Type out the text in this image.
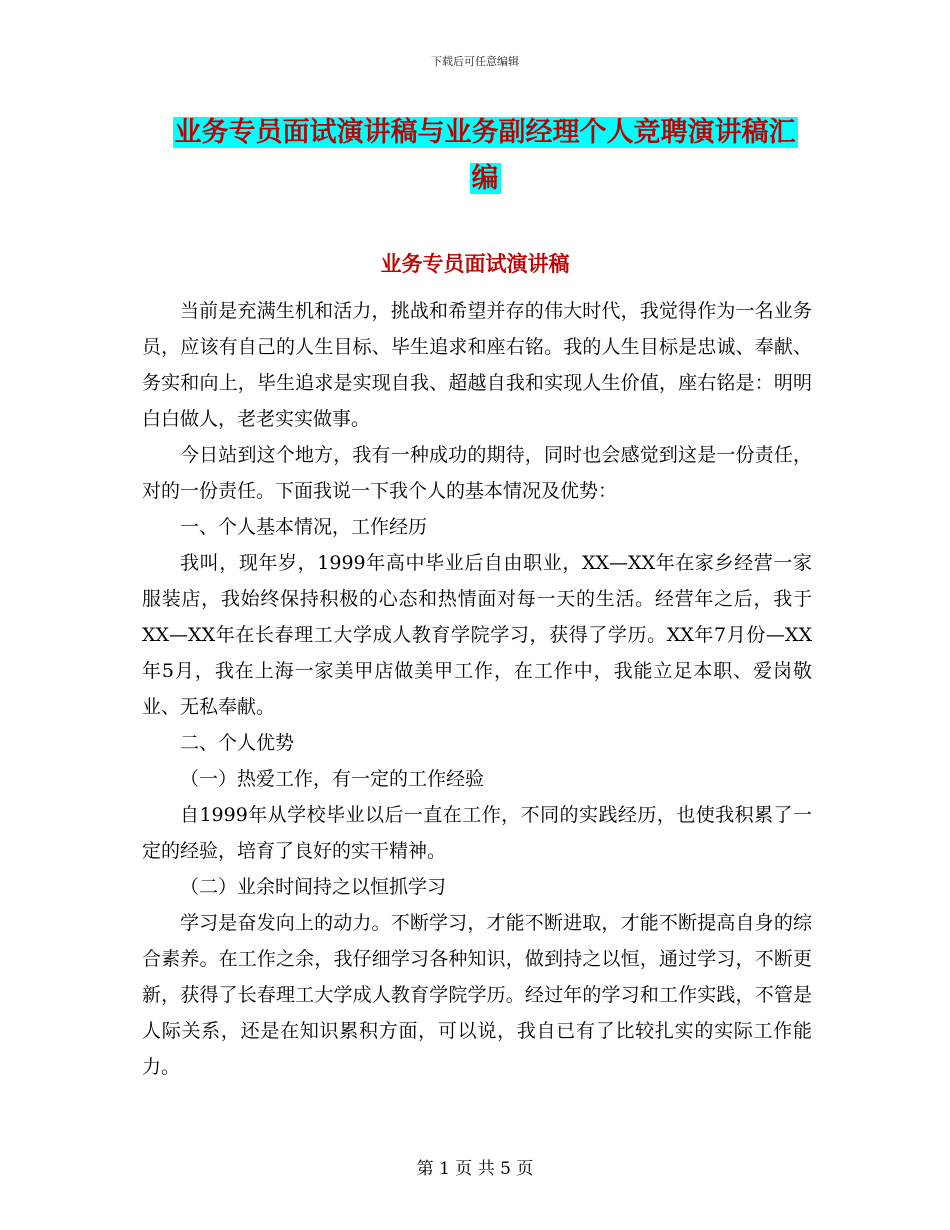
下载后可任意编辑
业务专员面试演讲稿与业务副经理个人竞聘演讲稿汇
编
业务专员面试演讲稿

当前是充满生机和活力，挑战和希望并存的伟大时代，我觉得作为一名业务员，应该有自己的人生目标、毕生追求和座右铭。我的人生目标是忠诚、奉献、务实和向上，毕生追求是实现自我、超越自我和实现人生价值，座右铭是：明明白白做人，老老实实做事。

今日站到这个地方，我有一种成功的期待，同时也会感觉到这是一份责任，对的一份责任。下面我说一下我个人的基本情况及优势：

一、个人基本情况，工作经历

我叫，现年岁，1999年高中毕业后自由职业，XX—XX年在家乡经营一家服装店，我始终保持积极的心态和热情面对每一天的生活。经营年之后，我于XX—XX年在长春理工大学成人教育学院学习，获得了学历。XX年7月份—XX年5月，我在上海一家美甲店做美甲工作，在工作中，我能立足本职、爱岗敬业、无私奉献。

二、个人优势

（一）热爱工作，有一定的工作经验

自1999年从学校毕业以后一直在工作，不同的实践经历，也使我积累了一定的经验，培育了良好的实干精神。

（二）业余时间持之以恒抓学习

学习是奋发向上的动力。不断学习，才能不断进取，才能不断提高自身的综合素养。在工作之余，我仔细学习各种知识，做到持之以恒，通过学习，不断更新，获得了长春理工大学成人教育学院学历。经过年的学习和工作实践，不管是人际关系，还是在知识累积方面，可以说，我自已有了比较扎实的实际工作能力。

第 1 页 共 5 页
